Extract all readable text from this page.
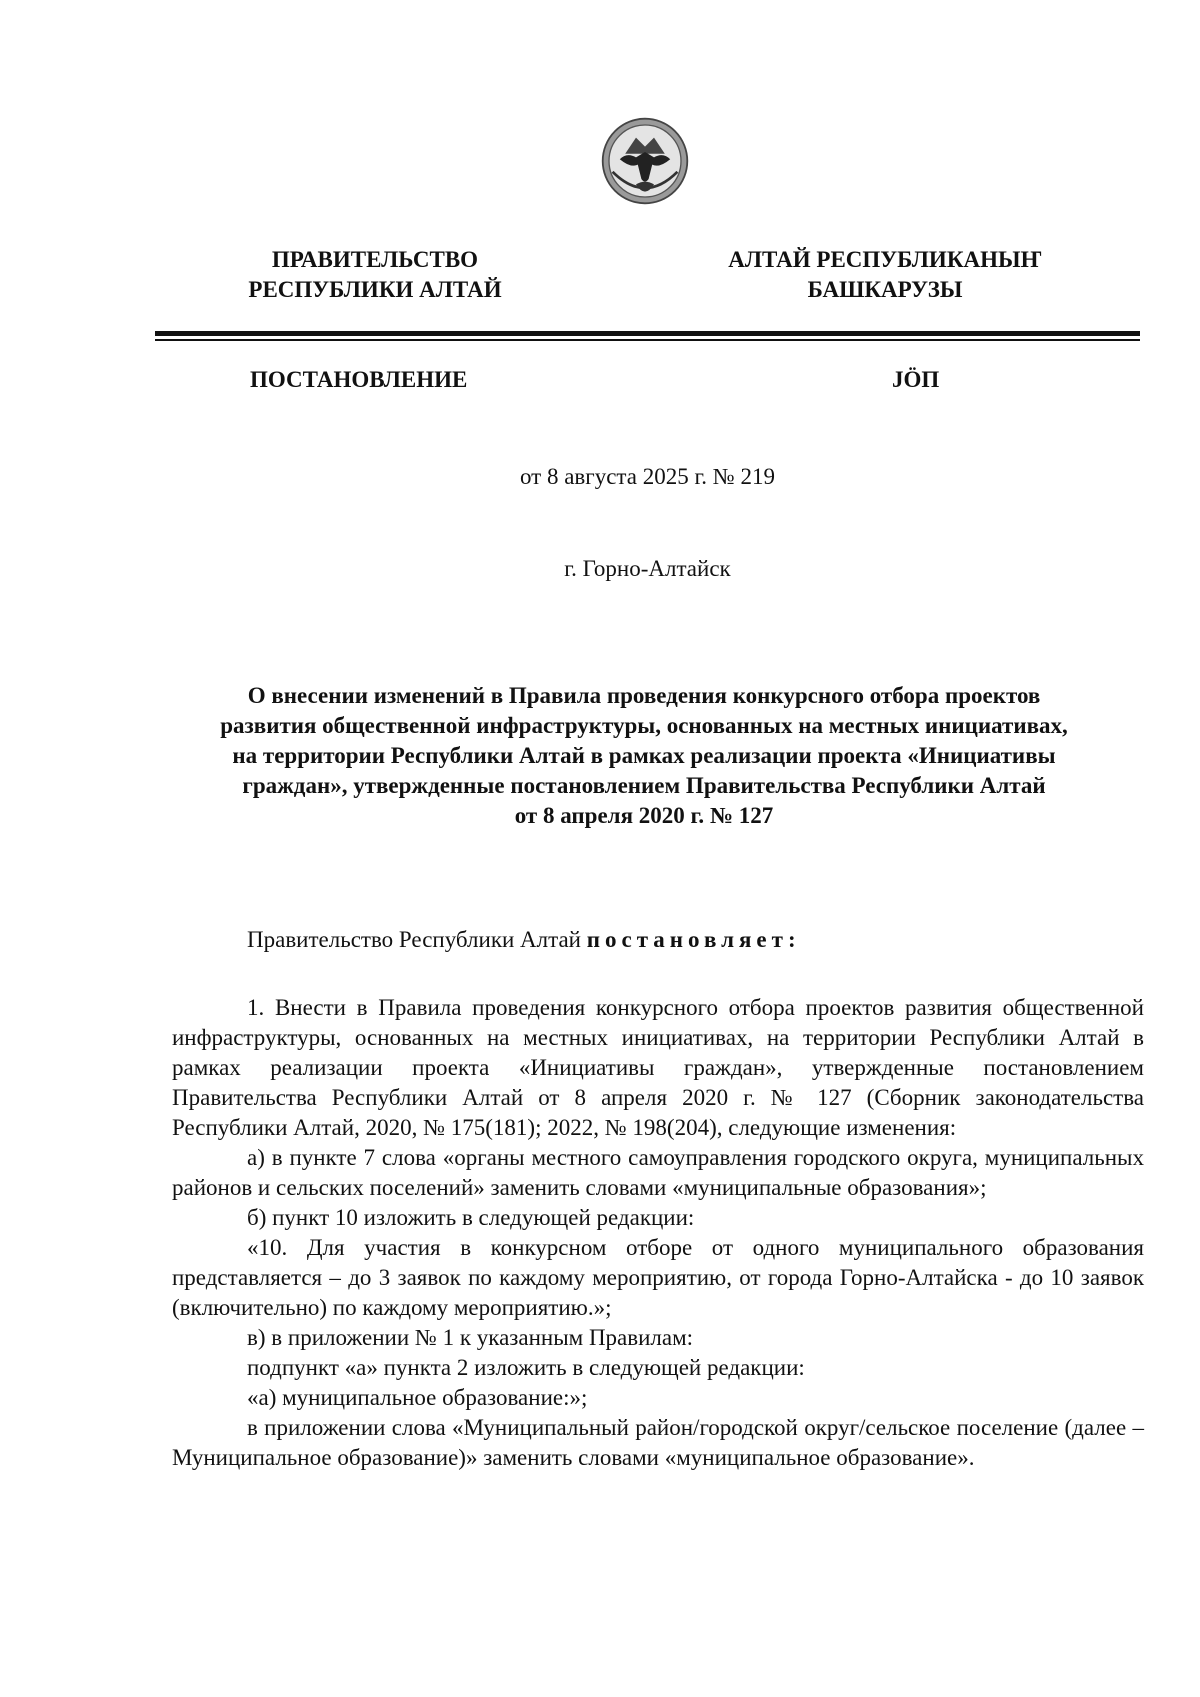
ПРАВИТЕЛЬСТВО
РЕСПУБЛИКИ АЛТАЙ
АЛТАЙ РЕСПУБЛИКАНЫҤ
БАШКАРУЗЫ
ПОСТАНОВЛЕНИЕ	JÖП
от 8 августа 2025 г. № 219
г. Горно-Алтайск
О внесении изменений в Правила проведения конкурсного отбора проектов
развития общественной инфраструктуры, основанных на местных инициативах,
на территории Республики Алтай в рамках реализации проекта «Инициативы
граждан», утвержденные постановлением Правительства Республики Алтай
от 8 апреля 2020 г. № 127

Правительство Республики Алтай постановляет:

1. Внести в Правила проведения конкурсного отбора проектов развития общественной инфраструктуры, основанных на местных инициативах, на территории Республики Алтай в рамках реализации проекта «Инициативы граждан», утвержденные постановлением Правительства Республики Алтай от 8 апреля 2020 г. № 127 (Сборник законодательства Республики Алтай, 2020, № 175(181); 2022, № 198(204), следующие изменения:

а) в пункте 7 слова «органы местного самоуправления городского округа, муниципальных районов и сельских поселений» заменить словами «муниципальные образования»;

б) пункт 10 изложить в следующей редакции:

«10. Для участия в конкурсном отборе от одного муниципального образования представляется – до 3 заявок по каждому мероприятию, от города Горно-Алтайска - до 10 заявок (включительно) по каждому мероприятию.»;

в) в приложении № 1 к указанным Правилам:

подпункт «а» пункта 2 изложить в следующей редакции:

«а) муниципальное образование:»;

в приложении слова «Муниципальный район/городской округ/сельское поселение (далее – Муниципальное образование)» заменить словами «муниципальное образование».
